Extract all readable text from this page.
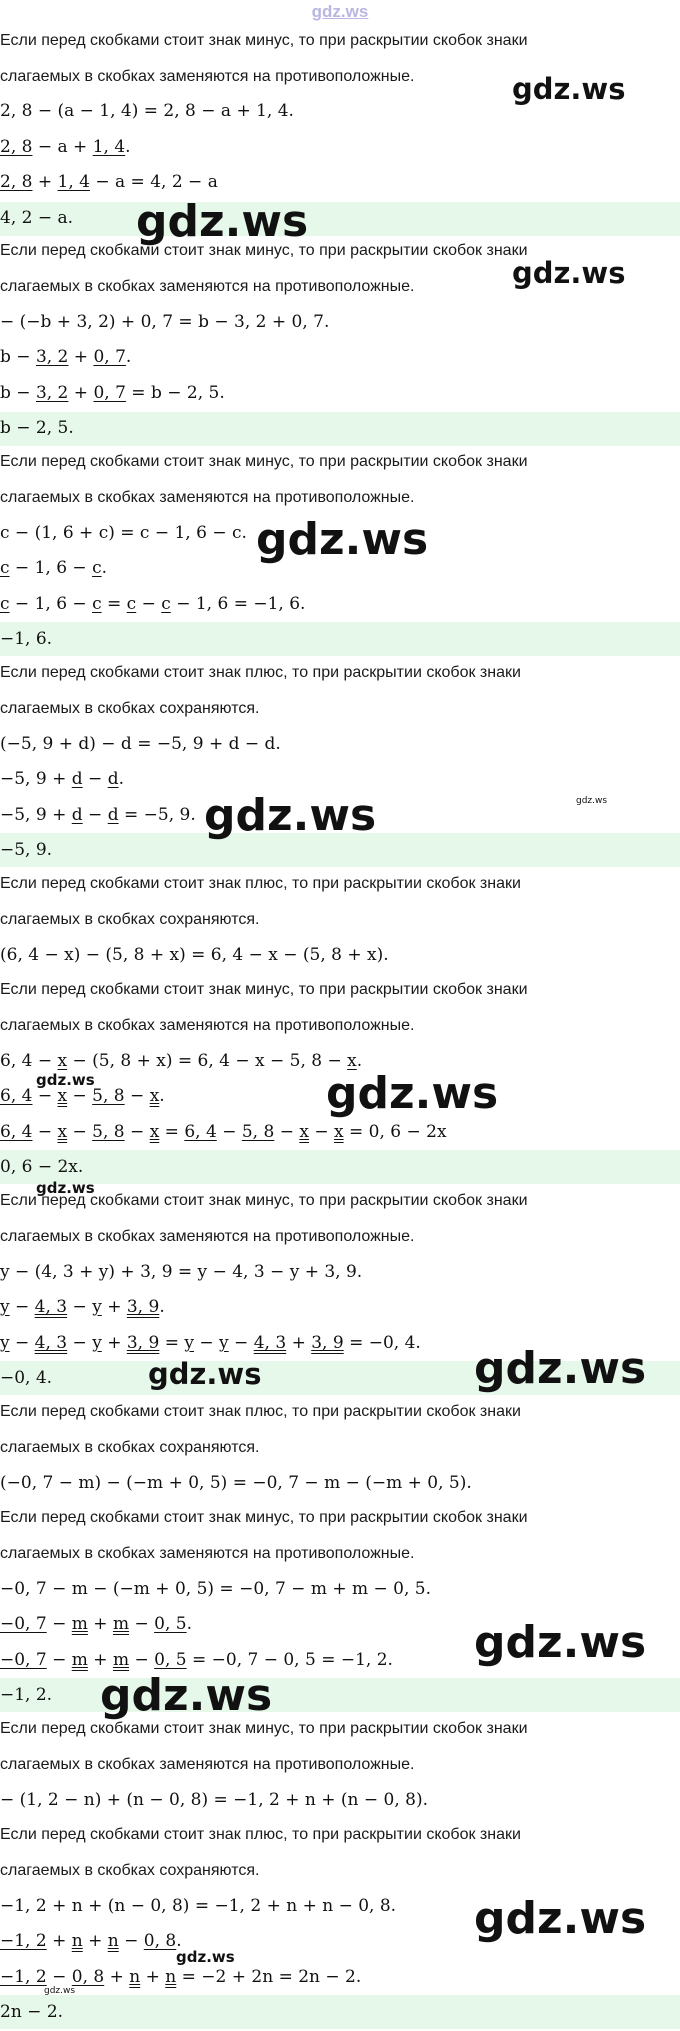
gdz.ws
Если перед скобками стоит знак минус, то при раскрытии скобок знаки
слагаемых в скобках заменяются на противоположные.
2, 8 − (a − 1, 4) = 2, 8 − a + 1, 4.
2, 8 − a + 1, 4.
2, 8 + 1, 4 − a = 4, 2 − a
4, 2 − a.
Если перед скобками стоит знак минус, то при раскрытии скобок знаки
слагаемых в скобках заменяются на противоположные.
− (−b + 3, 2) + 0, 7 = b − 3, 2 + 0, 7.
b − 3, 2 + 0, 7.
b − 3, 2 + 0, 7 = b − 2, 5.
b − 2, 5.
Если перед скобками стоит знак минус, то при раскрытии скобок знаки
слагаемых в скобках заменяются на противоположные.
c − (1, 6 + c) = c − 1, 6 − c.
c − 1, 6 − c.
c − 1, 6 − c = c − c − 1, 6 = −1, 6.
−1, 6.
Если перед скобками стоит знак плюс, то при раскрытии скобок знаки
слагаемых в скобках сохраняются.
(−5, 9 + d) − d = −5, 9 + d − d.
−5, 9 + d − d.
−5, 9 + d − d = −5, 9.
−5, 9.
Если перед скобками стоит знак плюс, то при раскрытии скобок знаки
слагаемых в скобках сохраняются.
(6, 4 − x) − (5, 8 + x) = 6, 4 − x − (5, 8 + x).
Если перед скобками стоит знак минус, то при раскрытии скобок знаки
слагаемых в скобках заменяются на противоположные.
6, 4 − x − (5, 8 + x) = 6, 4 − x − 5, 8 − x.
6, 4 − x − 5, 8 − x.
6, 4 − x − 5, 8 − x = 6, 4 − 5, 8 − x − x = 0, 6 − 2x
0, 6 − 2x.
Если перед скобками стоит знак минус, то при раскрытии скобок знаки
слагаемых в скобках заменяются на противоположные.
y − (4, 3 + y) + 3, 9 = y − 4, 3 − y + 3, 9.
y − 4, 3 − y + 3, 9.
y − 4, 3 − y + 3, 9 = y − y − 4, 3 + 3, 9 = −0, 4.
−0, 4.
Если перед скобками стоит знак плюс, то при раскрытии скобок знаки
слагаемых в скобках сохраняются.
(−0, 7 − m) − (−m + 0, 5) = −0, 7 − m − (−m + 0, 5).
Если перед скобками стоит знак минус, то при раскрытии скобок знаки
слагаемых в скобках заменяются на противоположные.
−0, 7 − m − (−m + 0, 5) = −0, 7 − m + m − 0, 5.
−0, 7 − m + m − 0, 5.
−0, 7 − m + m − 0, 5 = −0, 7 − 0, 5 = −1, 2.
−1, 2.
Если перед скобками стоит знак минус, то при раскрытии скобок знаки
слагаемых в скобках заменяются на противоположные.
− (1, 2 − n) + (n − 0, 8) = −1, 2 + n + (n − 0, 8).
Если перед скобками стоит знак плюс, то при раскрытии скобок знаки
слагаемых в скобках сохраняются.
−1, 2 + n + (n − 0, 8) = −1, 2 + n + n − 0, 8.
−1, 2 + n + n − 0, 8.
−1, 2 − 0, 8 + n + n = −2 + 2n = 2n − 2.
2n − 2.
gdz.ws
gdz.ws
gdz.ws
gdz.ws
gdz.ws
gdz.ws
gdz.ws	gdz.ws
gdz.ws
gdz.ws	gdz.ws
gdz.ws
gdz.ws
gdz.ws
gdz.ws
gdz.ws
